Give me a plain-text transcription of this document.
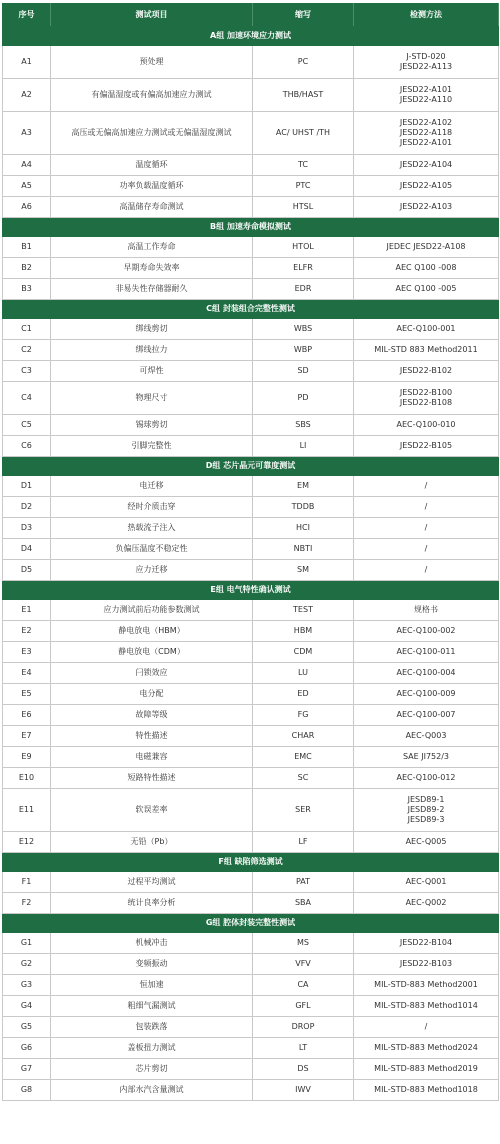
序号	测试项目	缩写	检测方法
A组 加速环境应力测试			
A1	预处理	PC	J-STD-020
JESD22-A113

A2	有偏温湿度或有偏高加速应力测试	THB/HAST	JESD22-A101
JESD22-A110

A3	高压或无偏高加速应力测试或无偏温湿度测试	AC/ UHST /TH	JESD22-A102
JESD22-A118
JESD22-A101

A4	温度循环	TC	JESD22-A104

A5	功率负载温度循环	PTC	JESD22-A105

A6	高温储存寿命测试	HTSL	JESD22-A103

B组 加速寿命模拟测试			
B1	高温工作寿命	HTOL	JEDEC JESD22-A108

B2	早期寿命失效率	ELFR	AEC Q100 -008

B3	非易失性存储器耐久	EDR	AEC Q100 -005

C组 封装组合完整性测试			
C1	绑线剪切	WBS	AEC-Q100-001

C2	绑线拉力	WBP	MIL-STD 883 Method2011

C3	可焊性	SD	JESD22-B102

C4	物理尺寸	PD	JESD22-B100
JESD22-B108

C5	锡球剪切	SBS	AEC-Q100-010

C6	引脚完整性	LI	JESD22-B105

D组 芯片晶元可靠度测试			
D1	电迁移	EM	/

D2	经时介质击穿	TDDB	/

D3	热载流子注入	HCI	/

D4	负偏压温度不稳定性	NBTI	/

D5	应力迁移	SM	/

E组 电气特性确认测试			
E1	应力测试前后功能参数测试	TEST	规格书

E2	静电放电（HBM）	HBM	AEC-Q100-002

E3	静电放电（CDM）	CDM	AEC-Q100-011

E4	闩锁效应	LU	AEC-Q100-004

E5	电分配	ED	AEC-Q100-009

E6	故障等级	FG	AEC-Q100-007

E7	特性描述	CHAR	AEC-Q003

E9	电磁兼容	EMC	SAE JI752/3

E10	短路特性描述	SC	AEC-Q100-012

E11	软误差率	SER	JESD89-1
JESD89-2
JESD89-3

E12	无铅（Pb）	LF	AEC-Q005

F组 缺陷筛选测试			
F1	过程平均测试	PAT	AEC-Q001

F2	统计良率分析	SBA	AEC-Q002

G组 腔体封装完整性测试			
G1	机械冲击	MS	JESD22-B104

G2	变频振动	VFV	JESD22-B103

G3	恒加速	CA	MIL-STD-883 Method2001

G4	粗细气漏测试	GFL	MIL-STD-883 Method1014

G5	包装跌落	DROP	/

G6	盖板扭力测试	LT	MIL-STD-883 Method2024

G7	芯片剪切	DS	MIL-STD-883 Method2019

G8	内部水汽含量测试	IWV	MIL-STD-883 Method1018
